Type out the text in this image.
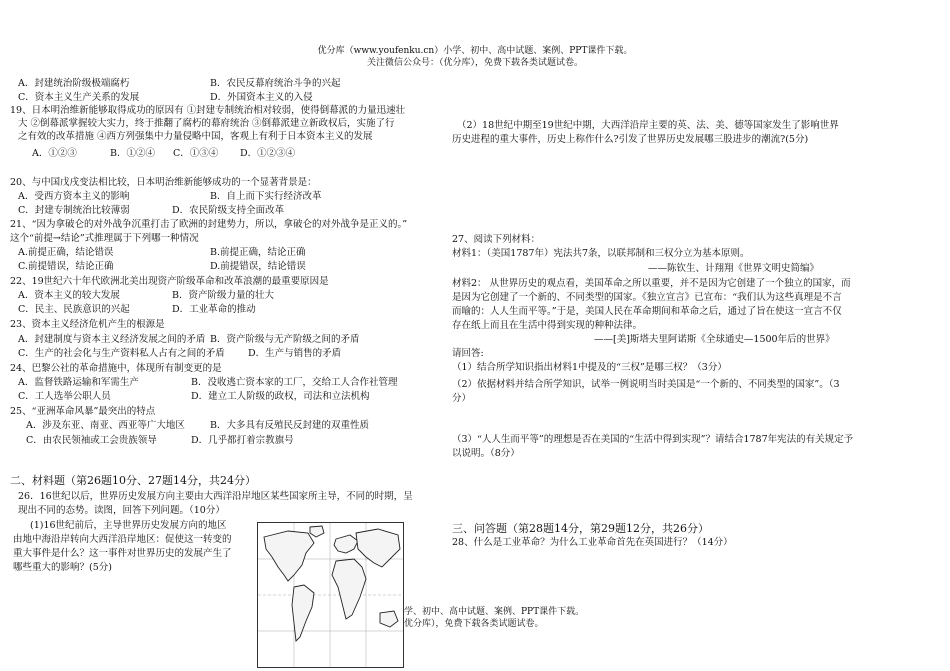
优分库（www.youfenku.cn）小学、初中、高中试题、案例、PPT课件下载。
关注微信公众号：（优分库），免费下载各类试题试卷。
A．封建统治阶级极端腐朽	B．农民反幕府统治斗争的兴起
C．资本主义生产关系的发展	D．外国资本主义的入侵
19、日本明治维新能够取得成功的原因有 ①封建专制统治相对较弱，使得倒幕派的力量迅速壮
大 ②倒幕派掌握较大实力，终于推翻了腐朽的幕府统治 ③倒幕派建立新政权后，实施了行
之有效的改革措施 ④西方列强集中力量侵略中国，客观上有利于日本资本主义的发展
A．①②③	B．①②④ C．①③④ D．①②③④
20、与中国戊戌变法相比较，日本明治维新能够成功的一个显著背景是：
A．受西方资本主义的影响	B．自上而下实行经济改革
C．封建专制统治比较薄弱	D．农民阶级支持全面改革
21、“因为拿破仑的对外战争沉重打击了欧洲的封建势力，所以，拿破仑的对外战争是正义的。”
这个“前提→结论”式推理属于下列哪一种情况
A.前提正确，结论错误	B.前提正确，结论正确
C.前提错误，结论正确	D.前提错误，结论错误
22、19世纪六十年代欧洲北美出现资产阶级革命和改革浪潮的最重要原因是
A．资本主义的较大发展	B．资产阶级力量的壮大
C．民主、民族意识的兴起	D．工业革命的推动
23、资本主义经济危机产生的根源是
A．封建制度与资本主义经济发展之间的矛盾 B．资产阶级与无产阶级之间的矛盾
C．生产的社会化与生产资料私人占有之间的矛盾 D．生产与销售的矛盾
24、巴黎公社的革命措施中，体现所有制变更的是
A．监督铁路运输和军需生产	B．没收逃亡资本家的工厂，交给工人合作社管理
C．工人选举公职人员	D．建立工人阶级的政权，司法和立法机构
25、“亚洲革命风暴”最突出的特点
A．涉及东亚、南亚、西亚等广大地区	B．大多具有反殖民反封建的双重性质
C．由农民领袖或工会贵族领导	D．几乎都打着宗教旗号
二、材料题（第26题10分、27题14分，共24分）
26．16世纪以后，世界历史发展方向主要由大西洋沿岸地区某些国家所主导，不同的时期，呈
现出不同的态势。读图，回答下列问题。（10分）
(1)16世纪前后，主导世界历史发展方向的地区
由地中海沿岸转向大西洋沿岸地区：促使这一转变的
重大事件是什么？这一事件对世界历史的发展产生了
哪些重大的影响？(5分)
（2）18世纪中期至19世纪中期，大西洋沿岸主要的英、法、美、德等国家发生了影响世界
历史进程的重大事件，历史上称作什么?引发了世界历史发展哪三股进步的潮流?(5分)
27、阅读下列材料：
材料1：（美国1787年）宪法共7条，以联邦制和三权分立为基本原则。
——陈钦生、计翔翔《世界文明史简编》
材料2： 从世界历史的观点看，美国革命之所以重要，并不是因为它创建了一个独立的国家，而
是因为它创建了一个新的、不同类型的国家。《独立宣言》已宣布：“我们认为这些真理是不言
而喻的：人人生而平等。”于是，美国人民在革命期间和革命之后，通过了旨在使这一宣言不仅
存在纸上而且在生活中得到实现的种种法律。
——[美]斯塔夫里阿诺斯《全球通史—1500年后的世界》
请回答:
（1）结合所学知识指出材料1中提及的“三权”是哪三权？（3分）
（2）依据材料并结合所学知识，试举一例说明当时美国是“一个新的、不同类型的国家”。（3
分）
（3）“人人生而平等”的理想是否在美国的“生活中得到实现”？请结合1787年宪法的有关规定予
以说明。（8分）
三、问答题（第28题14分，第29题12分，共26分）
28、什么是工业革命？为什么工业革命首先在英国进行？（14分）
学、初中、高中试题、案例、PPT课件下载。
优分库），免费下载各类试题试卷。
